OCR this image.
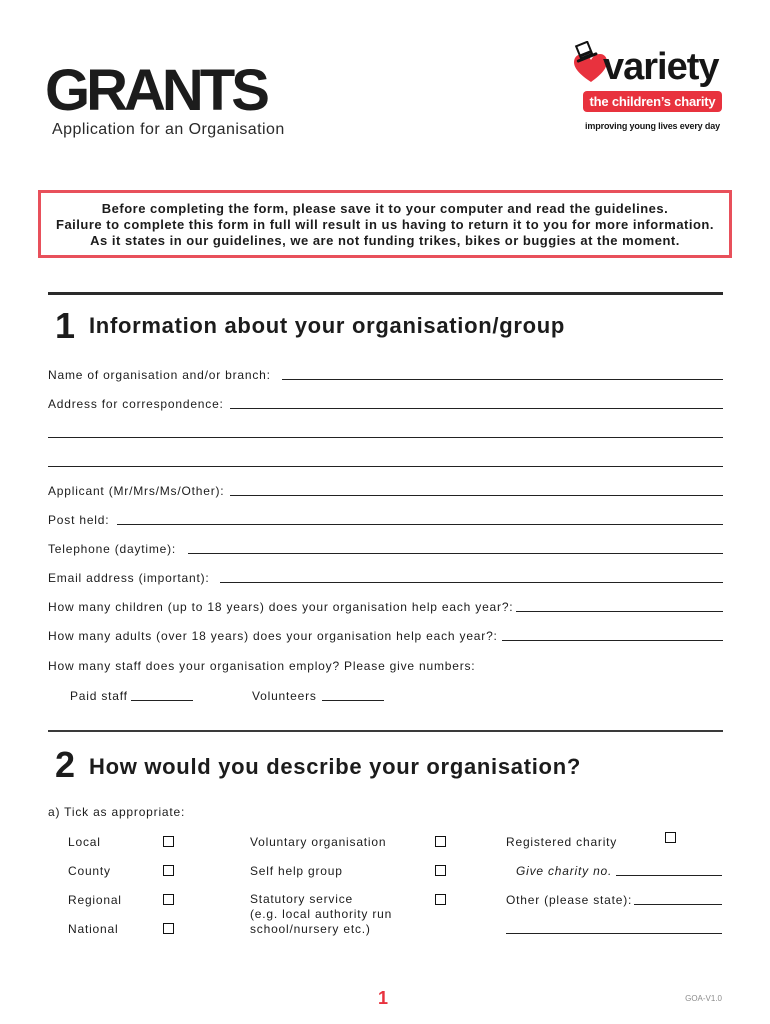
GRANTS
Application for an Organisation
variety
the children’s charity
improving young lives every day

Before completing the form, please save it to your computer and read the guidelines.

Failure to complete this form in full will result in us having to return it to you for more information.

As it states in our guidelines, we are not funding trikes, bikes or buggies at the moment.

1 Information about your organisation/group
Name of organisation and/or branch:
Address for correspondence:
Applicant (Mr/Mrs/Ms/Other):
Post held:
Telephone (daytime):
Email address (important):
How many children (up to 18 years) does your organisation help each year?:
How many adults (over 18 years) does your organisation help each year?:
How many staff does your organisation employ? Please give numbers:
Paid staff	Volunteers
2 How would you describe your organisation?
a) Tick as appropriate:
Local
County
Regional
National
Voluntary organisation
Self help group
Statutory service
(e.g. local authority run
school/nursery etc.)
Registered charity
Give charity no.
Other (please state):
1	GOA-V1.0
